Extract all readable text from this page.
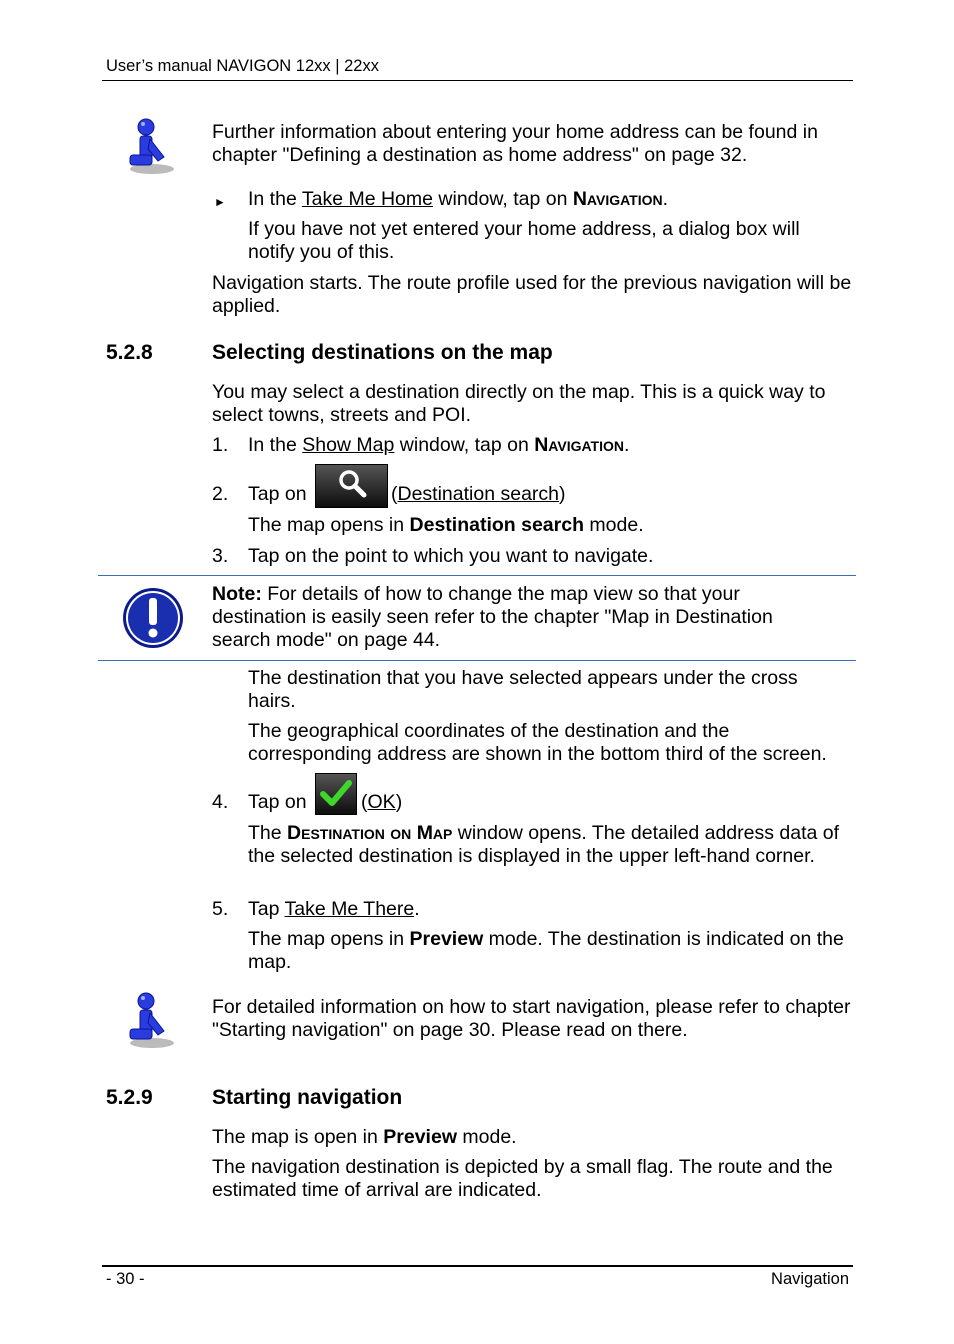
User’s manual NAVIGON 12xx | 22xx
Further information about entering your home address can be found in chapter "Defining a destination as home address" on page 32.
► In the Take Me Home window, tap on Navigation.
If you have not yet entered your home address, a dialog box will notify you of this.
Navigation starts. The route profile used for the previous navigation will be applied.
5.2.8	Selecting destinations on the map
You may select a destination directly on the map. This is a quick way to select towns, streets and POI.
1. In the Show Map window, tap on Navigation.
2. Tap on	(Destination search)
The map opens in Destination search mode.
3. Tap on the point to which you want to navigate.
Note: For details of how to change the map view so that your destination is easily seen refer to the chapter "Map in Destination search mode" on page 44.
The destination that you have selected appears under the cross hairs.
The geographical coordinates of the destination and the corresponding address are shown in the bottom third of the screen.
4. Tap on	(OK)
The Destination on Map window opens. The detailed address data of the selected destination is displayed in the upper left-hand corner.
5. Tap Take Me There.
The map opens in Preview mode. The destination is indicated on the map.
For detailed information on how to start navigation, please refer to chapter "Starting navigation" on page 30. Please read on there.
5.2.9	Starting navigation
The map is open in Preview mode.
The navigation destination is depicted by a small flag. The route and the estimated time of arrival are indicated.
- 30 -	Navigation
